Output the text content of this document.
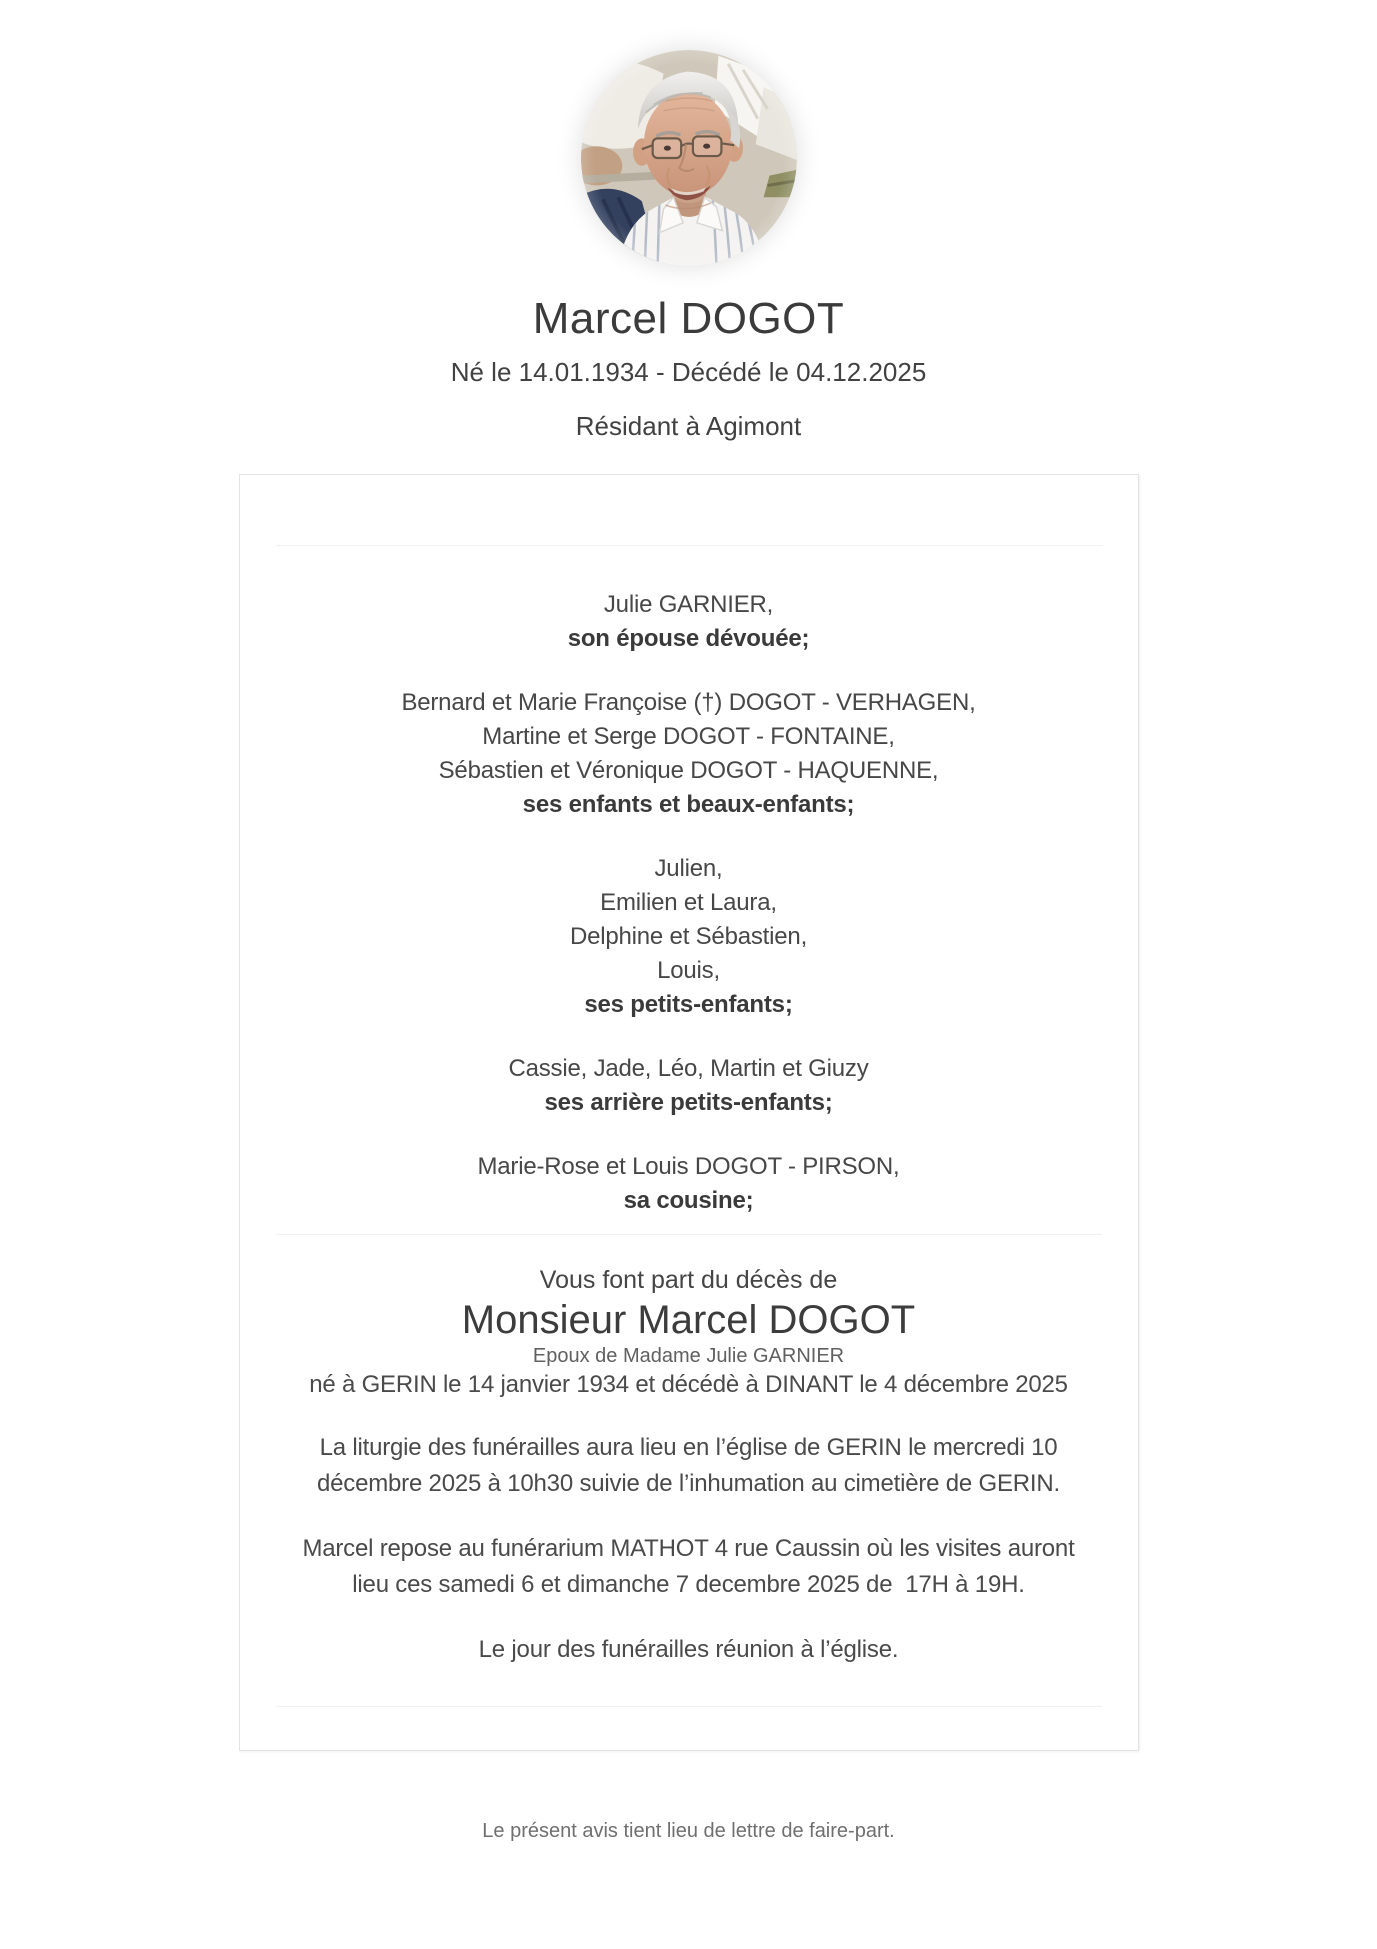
Marcel DOGOT
Né le 14.01.1934 - Décédé le 04.12.2025
Résidant à Agimont
Julie GARNIER,
son épouse dévouée;
Bernard et Marie Françoise (†) DOGOT - VERHAGEN,
Martine et Serge DOGOT - FONTAINE,
Sébastien et Véronique DOGOT - HAQUENNE,
ses enfants et beaux-enfants;
Julien,
Emilien et Laura,
Delphine et Sébastien,
Louis,
ses petits-enfants;
Cassie, Jade, Léo, Martin et Giuzy
ses arrière petits-enfants;
Marie-Rose et Louis DOGOT - PIRSON,
sa cousine;
Vous font part du décès de
Monsieur Marcel DOGOT
Epoux de Madame Julie GARNIER
né à GERIN le 14 janvier 1934 et décédè à DINANT le 4 décembre 2025
La liturgie des funérailles aura lieu en l’église de GERIN le mercredi 10
décembre 2025 à 10h30 suivie de l’inhumation au cimetière de GERIN.
Marcel repose au funérarium MATHOT 4 rue Caussin où les visites auront
lieu ces samedi 6 et dimanche 7 decembre 2025 de  17H à 19H.
Le jour des funérailles réunion à l’église.
Le présent avis tient lieu de lettre de faire-part.
